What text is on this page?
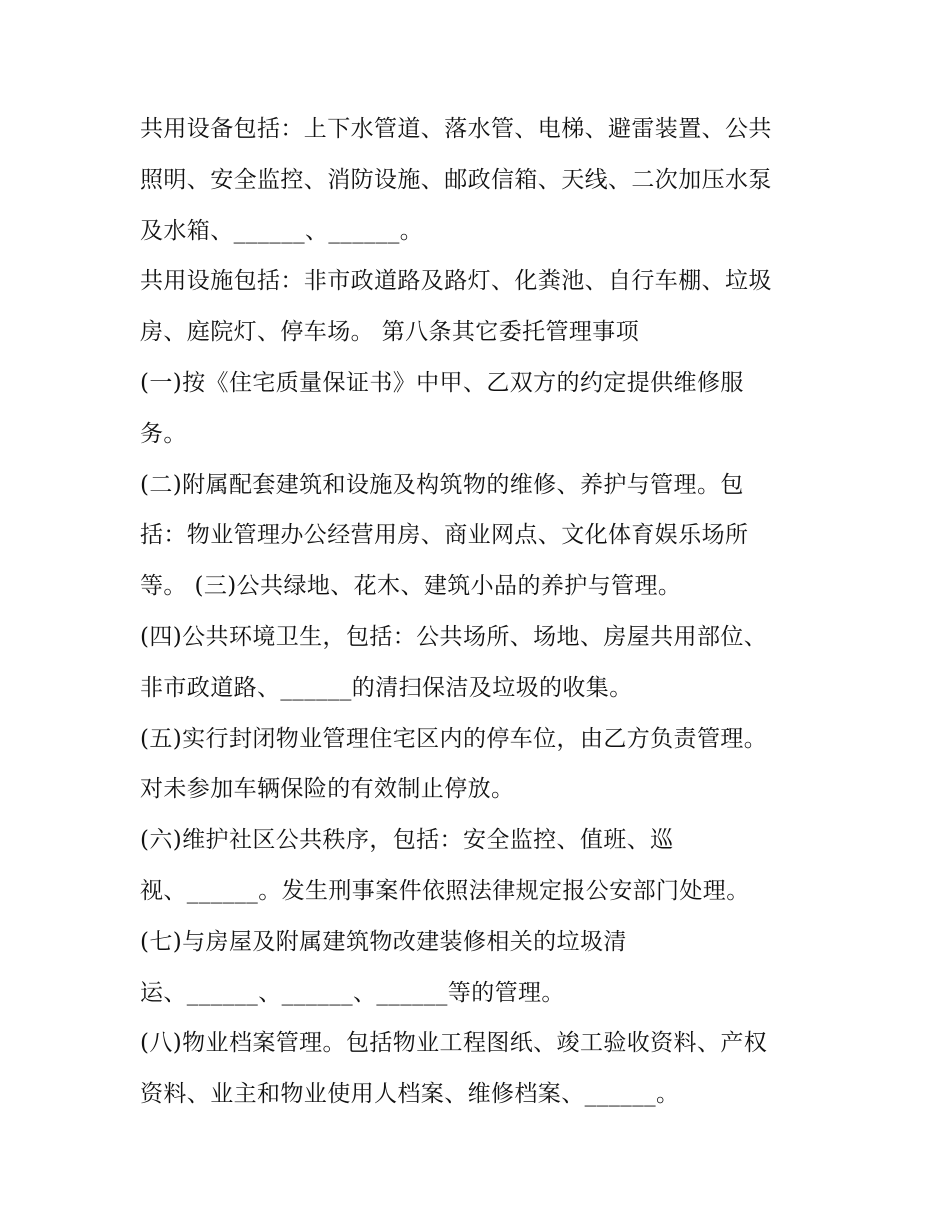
共用设备包括：上下水管道、落水管、电梯、避雷装置、公共
照明、安全监控、消防设施、邮政信箱、天线、二次加压水泵
及水箱、______、______。
共用设施包括：非市政道路及路灯、化粪池、自行车棚、垃圾
房、庭院灯、停车场。 第八条其它委托管理事项
(一)按《住宅质量保证书》中甲、乙双方的约定提供维修服
务。
(二)附属配套建筑和设施及构筑物的维修、养护与管理。包
括：物业管理办公经营用房、商业网点、文化体育娱乐场所
等。 (三)公共绿地、花木、建筑小品的养护与管理。
(四)公共环境卫生，包括：公共场所、场地、房屋共用部位、
非市政道路、______的清扫保洁及垃圾的收集。
(五)实行封闭物业管理住宅区内的停车位，由乙方负责管理。
对未参加车辆保险的有效制止停放。
(六)维护社区公共秩序，包括：安全监控、值班、巡
视、______。发生刑事案件依照法律规定报公安部门处理。
(七)与房屋及附属建筑物改建装修相关的垃圾清
运、______、______、______等的管理。
(八)物业档案管理。包括物业工程图纸、竣工验收资料、产权
资料、业主和物业使用人档案、维修档案、______。
